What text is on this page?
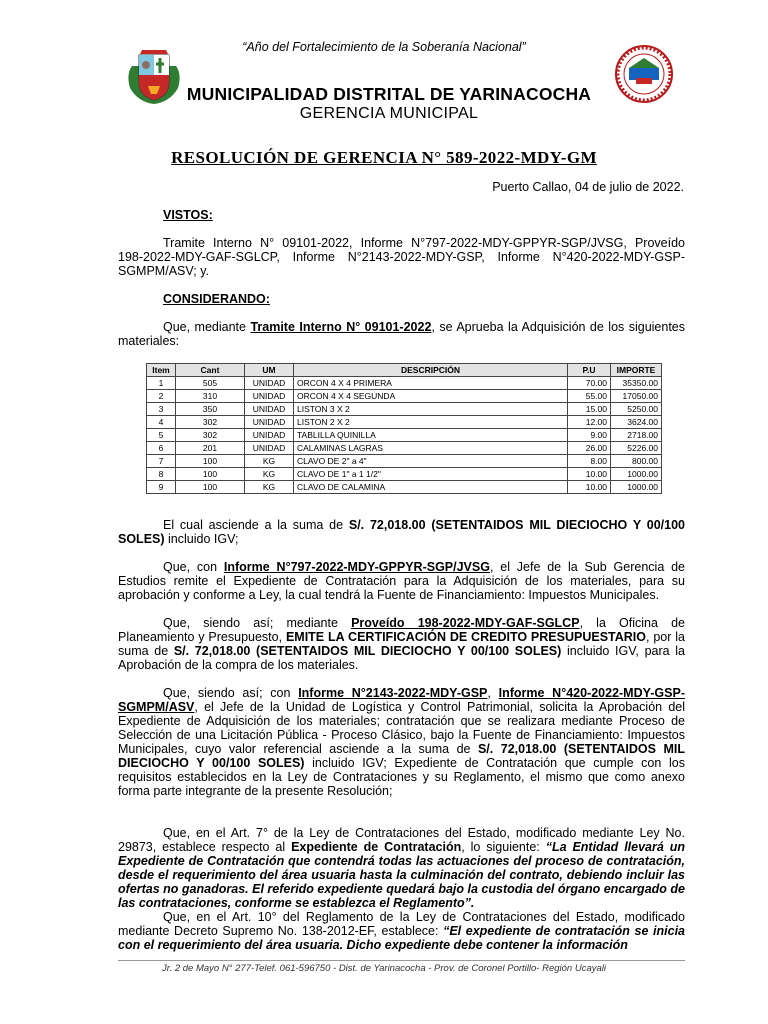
“Año del Fortalecimiento de la Soberanía Nacional”
MUNICIPALIDAD DISTRITAL DE YARINACOCHA
GERENCIA MUNICIPAL
RESOLUCIÓN DE GERENCIA N° 589-2022-MDY-GM
Puerto Callao, 04 de julio de 2022.
VISTOS:
Tramite Interno N° 09101-2022, Informe N°797-2022-MDY-GPPYR-SGP/JVSG, Proveído 198-2022-MDY-GAF-SGLCP, Informe N°2143-2022-MDY-GSP, Informe N°420-2022-MDY-GSP-SGMPM/ASV; y.
CONSIDERANDO:
Que, mediante Tramite Interno N° 09101-2022, se Aprueba la Adquisición de los siguientes materiales:
Item	Cant	UM	DESCRIPCIÓN	P.U	IMPORTE
1	505	UNIDAD	ORCON 4 X 4 PRIMERA	70.00	35350.00
2	310	UNIDAD	ORCON 4 X 4 SEGUNDA	55.00	17050.00
3	350	UNIDAD	LISTON 3 X 2	15.00	5250.00
4	302	UNIDAD	LISTON 2 X 2	12.00	3624.00
5	302	UNIDAD	TABLILLA QUINILLA	9.00	2718.00
6	201	UNIDAD	CALAMINAS LAGRAS	26.00	5226.00
7	100	KG	CLAVO DE 2" a 4"	8.00	800.00
8	100	KG	CLAVO DE 1" a 1 1/2"	10.00	1000.00
9	100	KG	CLAVO DE CALAMINA	10.00	1000.00
El cual asciende a la suma de S/. 72,018.00 (SETENTAIDOS MIL DIECIOCHO Y 00/100 SOLES) incluido IGV;
Que, con Informe N°797-2022-MDY-GPPYR-SGP/JVSG, el Jefe de la Sub Gerencia de Estudios remite el Expediente de Contratación para la Adquisición de los materiales, para su aprobación y conforme a Ley, la cual tendrá la Fuente de Financiamiento: Impuestos Municipales.
Que, siendo así; mediante Proveído 198-2022-MDY-GAF-SGLCP, la Oficina de Planeamiento y Presupuesto, EMITE LA CERTIFICACIÓN DE CREDITO PRESUPUESTARIO, por la suma de S/. 72,018.00 (SETENTAIDOS MIL DIECIOCHO Y 00/100 SOLES) incluido IGV, para la Aprobación de la compra de los materiales.
Que, siendo así; con Informe N°2143-2022-MDY-GSP, Informe N°420-2022-MDY-GSP-SGMPM/ASV, el Jefe de la Unidad de Logística y Control Patrimonial, solicita la Aprobación del Expediente de Adquisición de los materiales; contratación que se realizara mediante Proceso de Selección de una Licitación Pública - Proceso Clásico, bajo la Fuente de Financiamiento: Impuestos Municipales, cuyo valor referencial asciende a la suma de S/. 72,018.00 (SETENTAIDOS MIL DIECIOCHO Y 00/100 SOLES) incluido IGV; Expediente de Contratación que cumple con los requisitos establecidos en la Ley de Contrataciones y su Reglamento, el mismo que como anexo forma parte integrante de la presente Resolución;
Que, en el Art. 7° de la Ley de Contrataciones del Estado, modificado mediante Ley No. 29873, establece respecto al Expediente de Contratación, lo siguiente: “La Entidad llevará un Expediente de Contratación que contendrá todas las actuaciones del proceso de contratación, desde el requerimiento del área usuaria hasta la culminación del contrato, debiendo incluir las ofertas no ganadoras. El referido expediente quedará bajo la custodia del órgano encargado de las contrataciones, conforme se establezca el Reglamento”.
Que, en el Art. 10° del Reglamento de la Ley de Contrataciones del Estado, modificado mediante Decreto Supremo No. 138-2012-EF, establece: “El expediente de contratación se inicia con el requerimiento del área usuaria. Dicho expediente debe contener la información
Jr. 2 de Mayo N° 277-Telef. 061-596750 - Dist. de Yarinacocha - Prov. de Coronel Portillo- Región Ucayali
